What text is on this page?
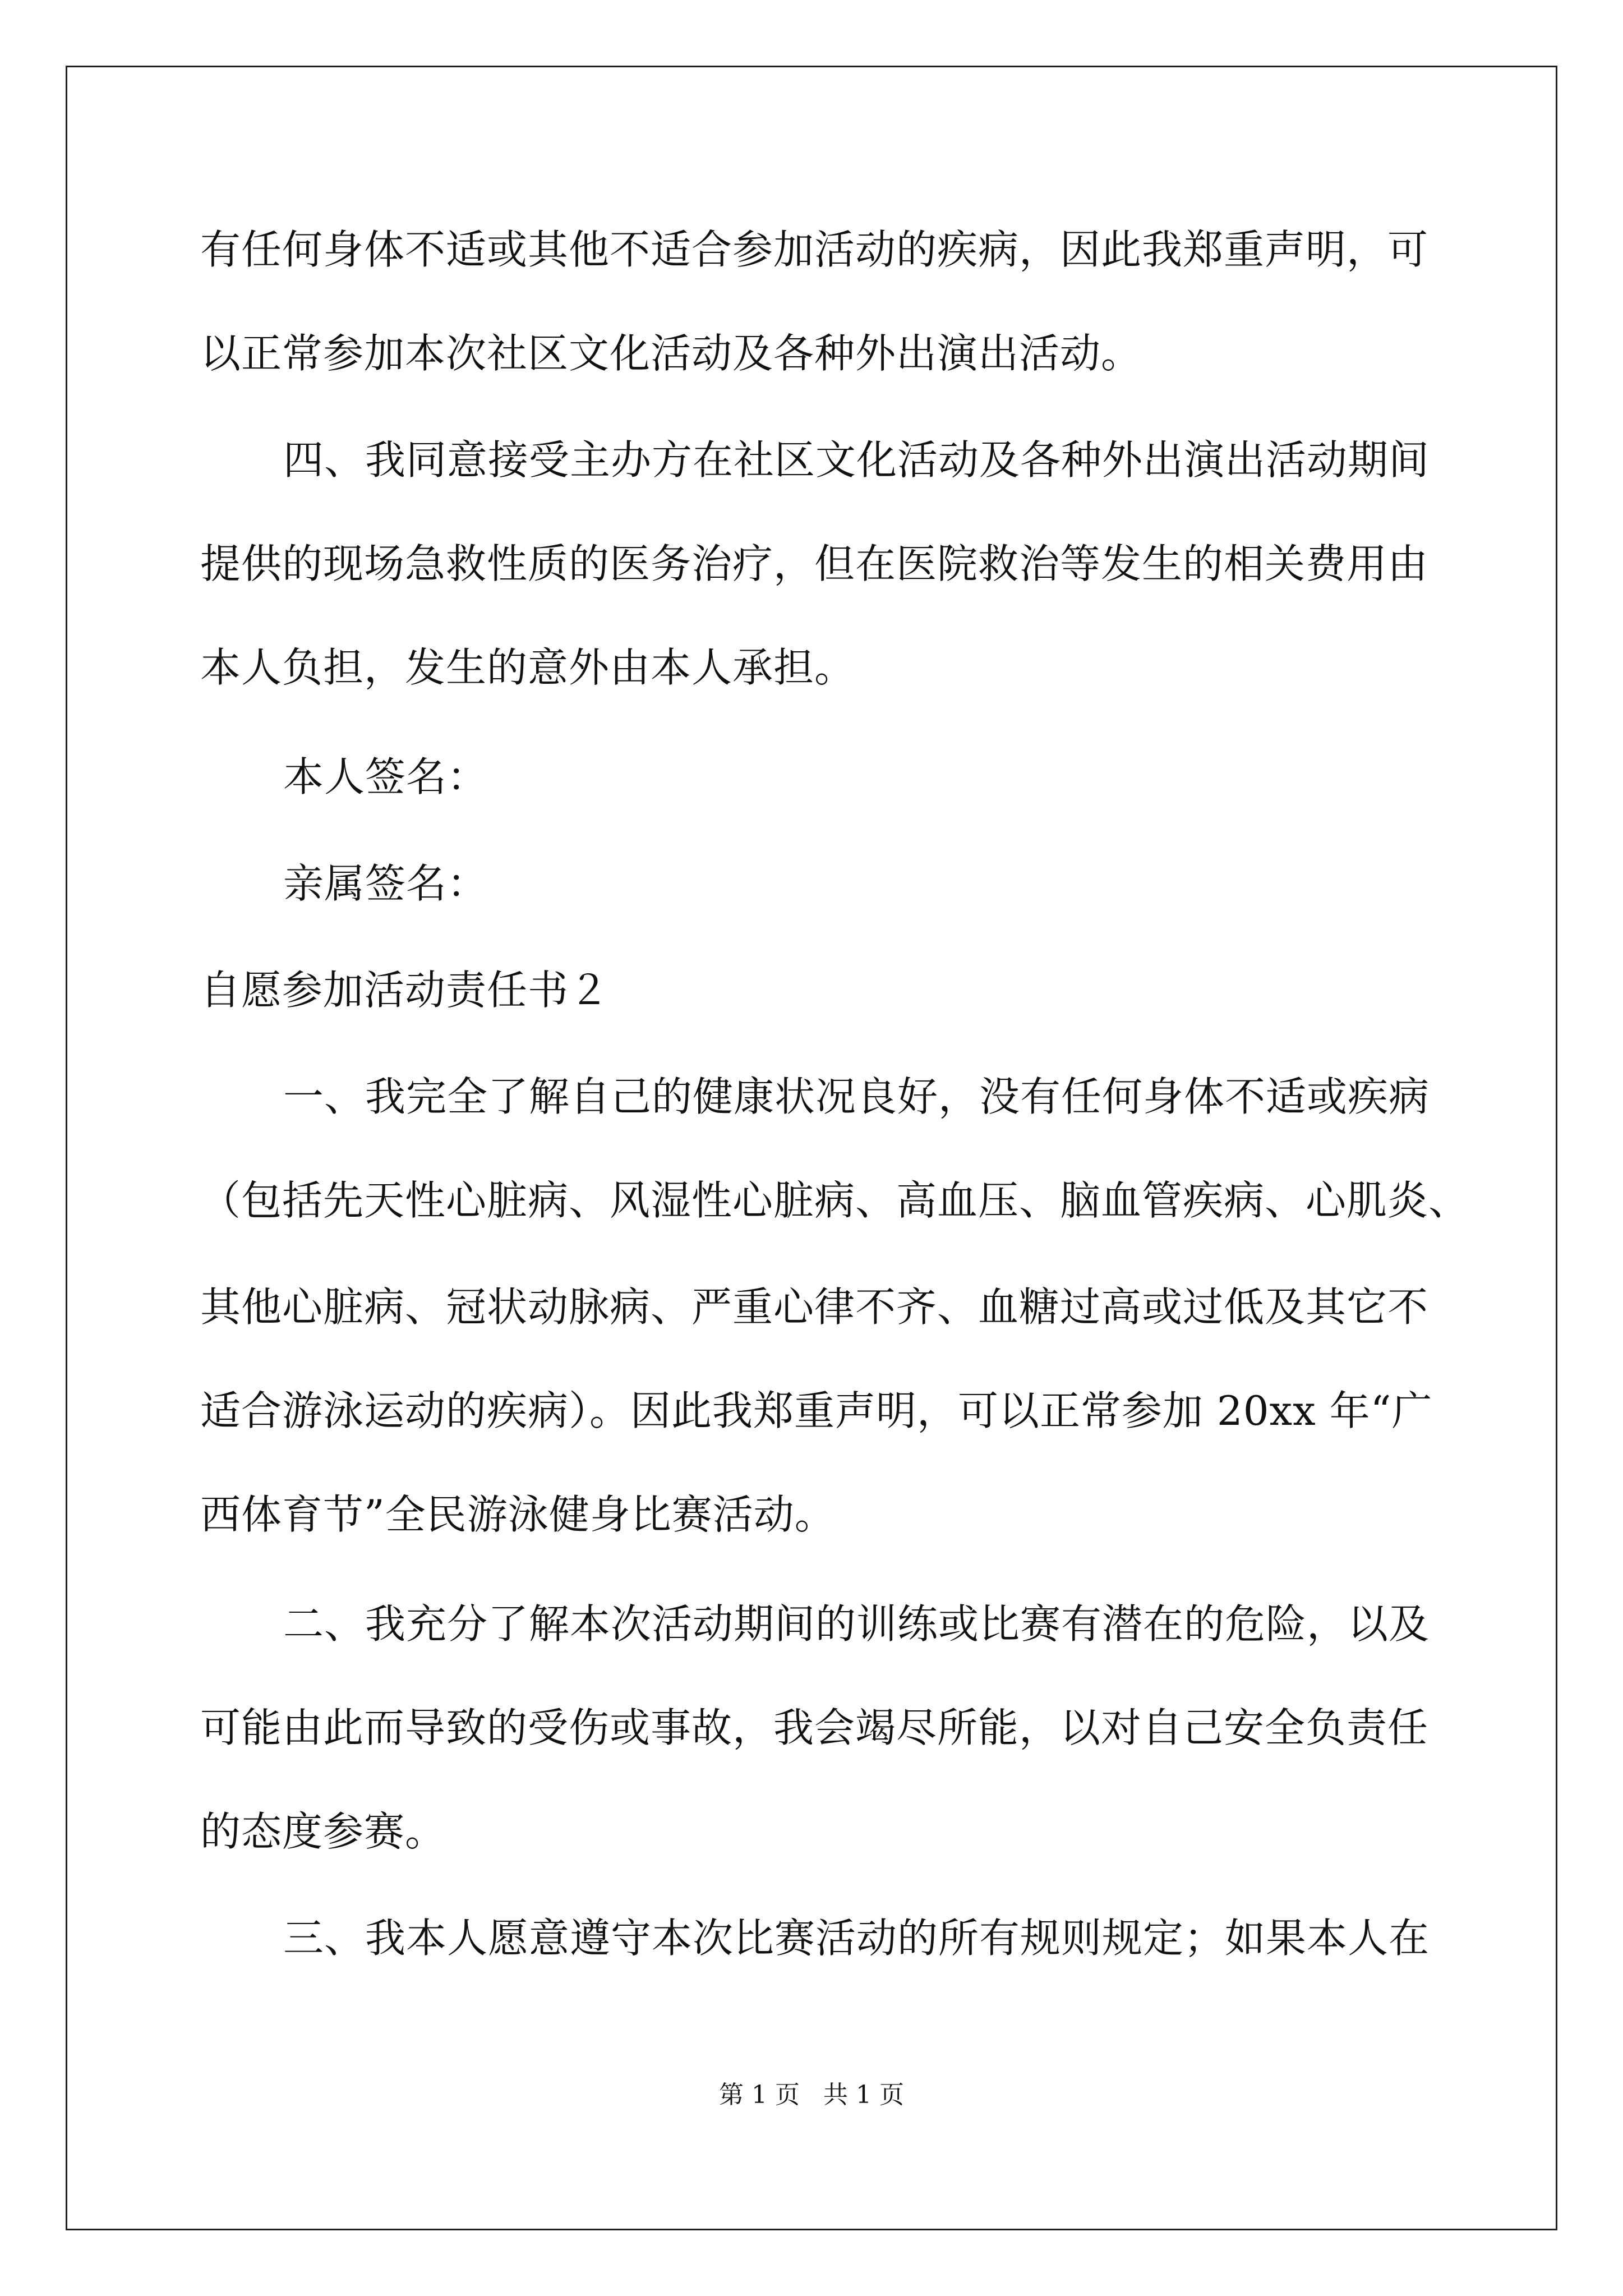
有任何身体不适或其他不适合参加活动的疾病，因此我郑重声明，可
以正常参加本次社区文化活动及各种外出演出活动。
四、我同意接受主办方在社区文化活动及各种外出演出活动期间
提供的现场急救性质的医务治疗，但在医院救治等发生的相关费用由
本人负担，发生的意外由本人承担。
本人签名：
亲属签名：
自愿参加活动责任书２
一、我完全了解自己的健康状况良好，没有任何身体不适或疾病
（包括先天性心脏病、风湿性心脏病、高血压、脑血管疾病、心肌炎、
其他心脏病、冠状动脉病、严重心律不齐、血糖过高或过低及其它不
适合游泳运动的疾病）。因此我郑重声明，可以正常参加 20xx 年“广
西体育节”全民游泳健身比赛活动。
二、我充分了解本次活动期间的训练或比赛有潜在的危险，以及
可能由此而导致的受伤或事故，我会竭尽所能，以对自己安全负责任
的态度参赛。
三、我本人愿意遵守本次比赛活动的所有规则规定；如果本人在
第 1 页   共 1 页
